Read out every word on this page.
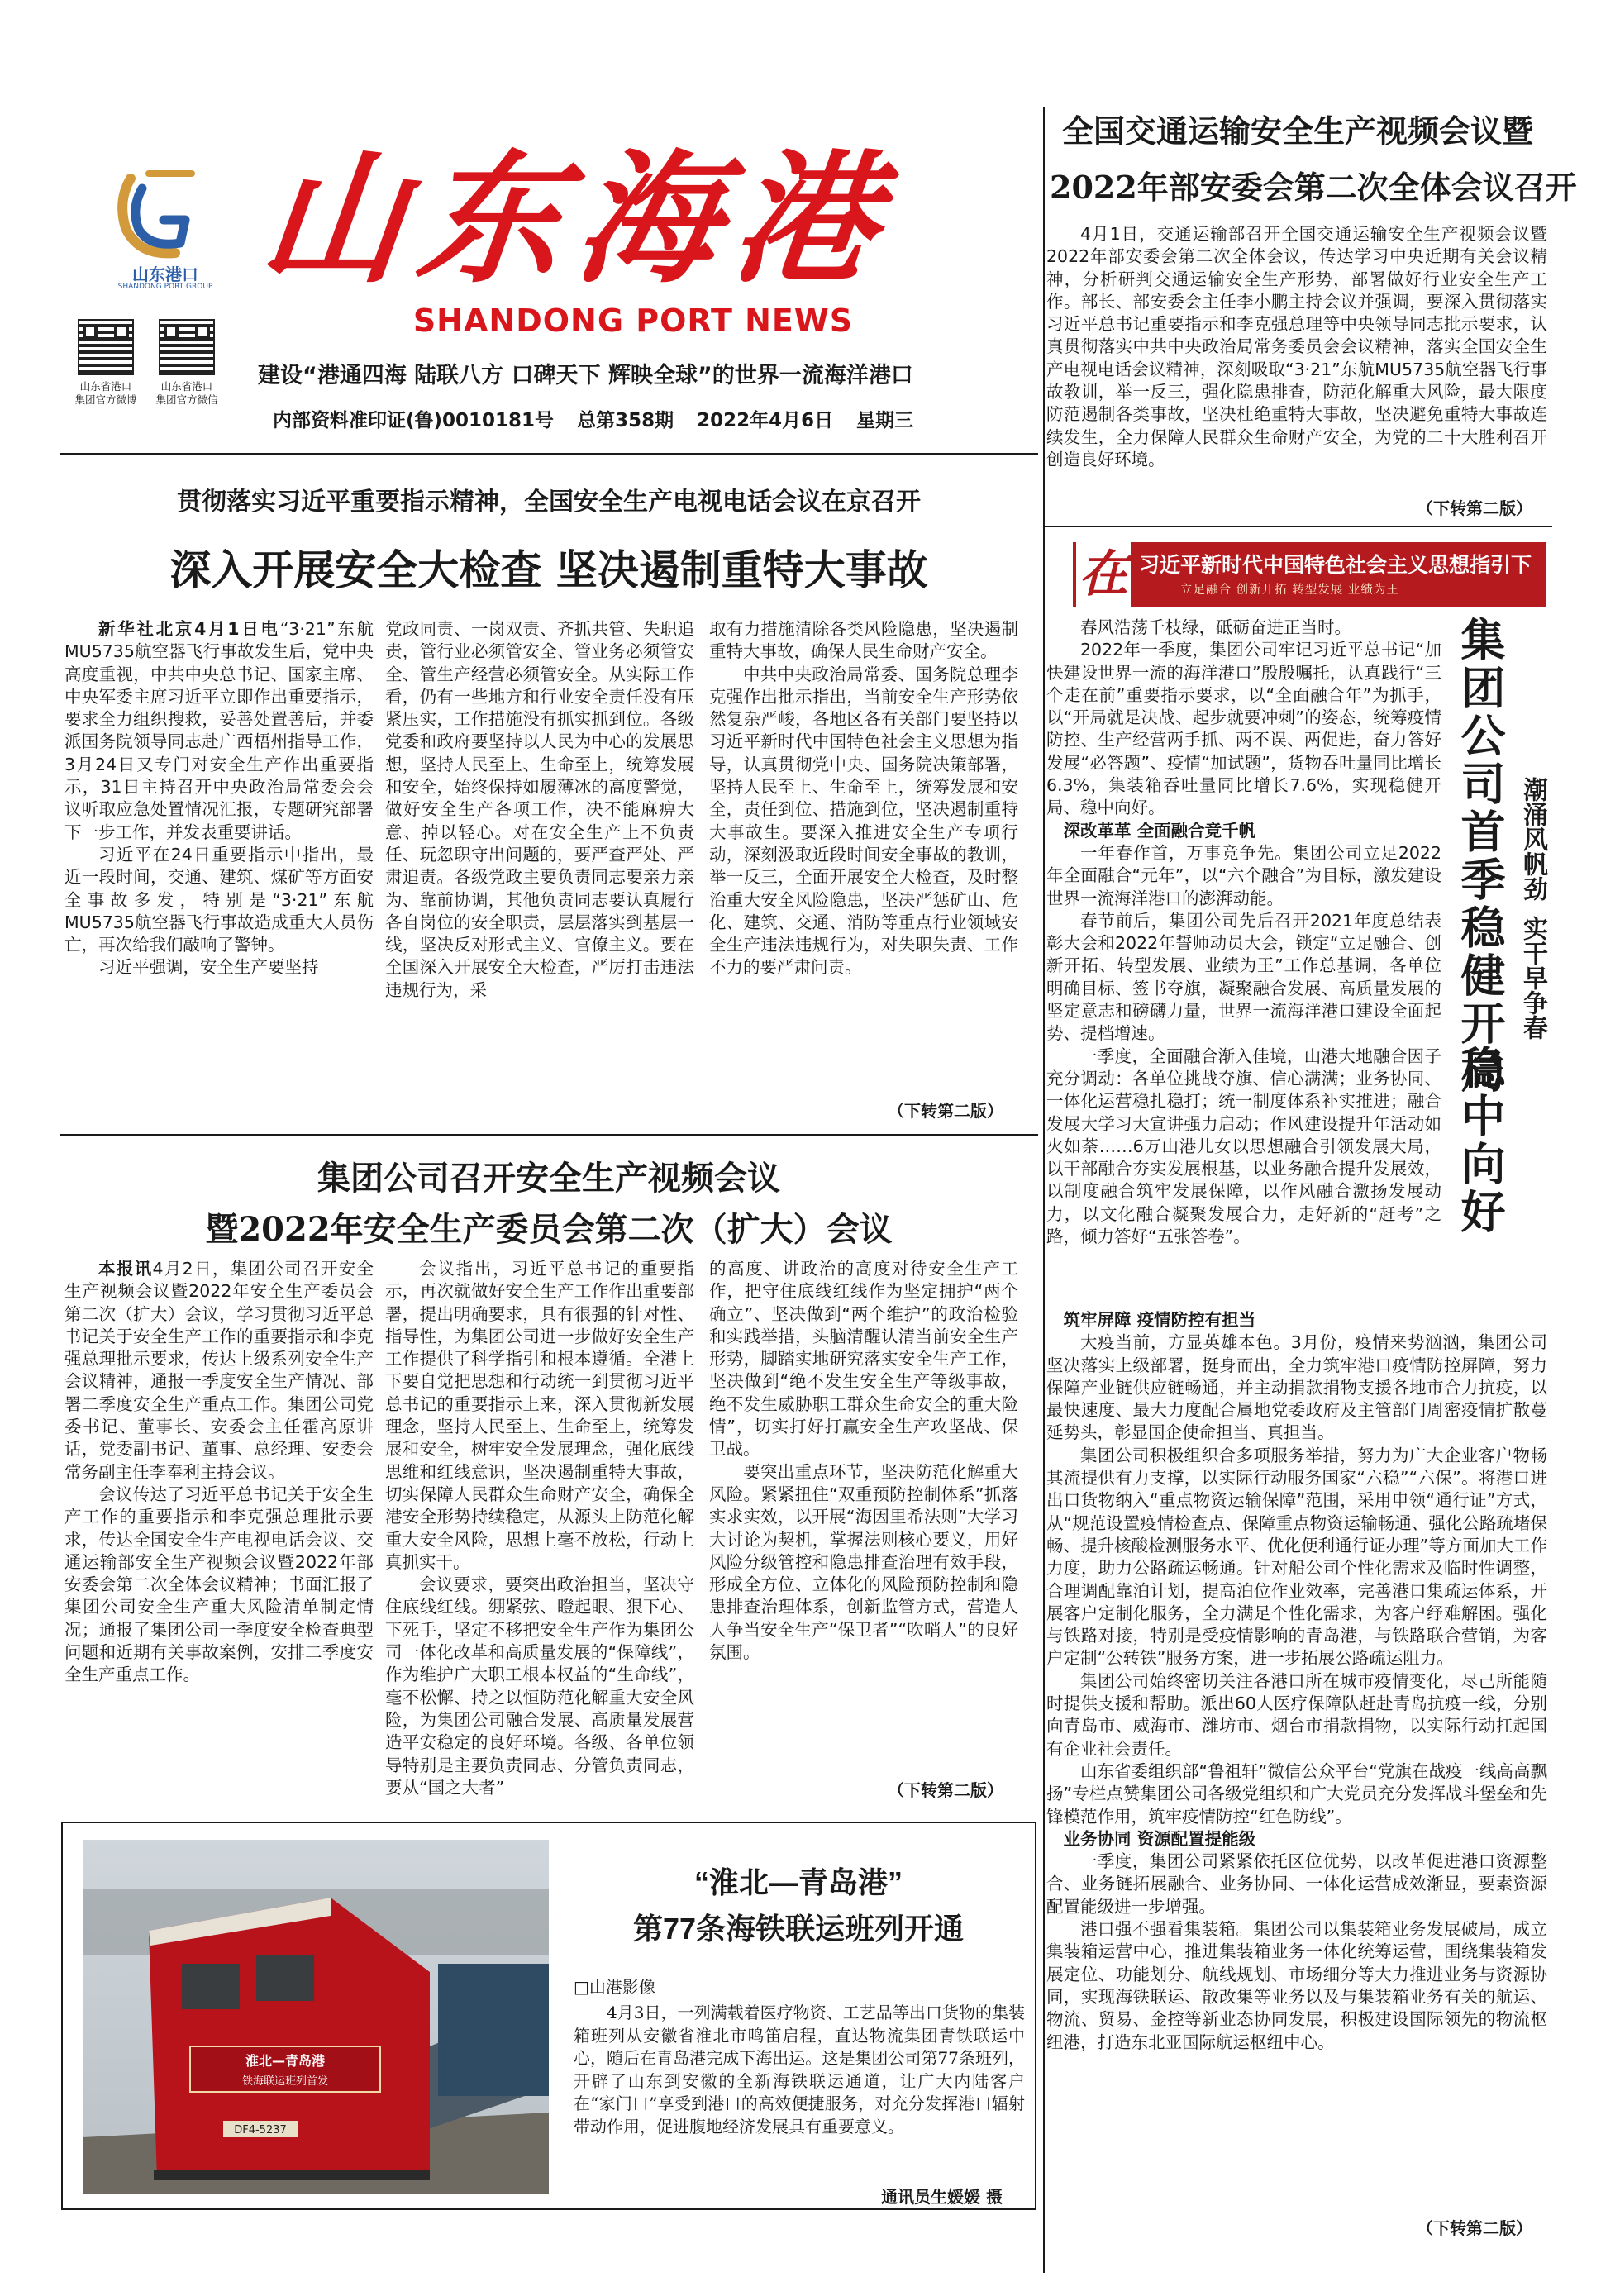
山东港口
SHANDONG PORT GROUP 山东海港
SHANDONG PORT NEWS
山东省港口
集团官方微博
山东省港口
集团官方微信
建设“港通四海 陆联八方 口碑天下 辉映全球”的世界一流海洋港口
内部资料准印证(鲁)0010181号 总第358期 2022年4月6日 星期三
全国交通运输安全生产视频会议暨
2022年部安委会第二次全体会议召开

4月1日，交通运输部召开全国交通运输安全生产视频会议暨2022年部安委会第二次全体会议，传达学习中央近期有关会议精神，分析研判交通运输安全生产形势，部署做好行业安全生产工作。部长、部安委会主任李小鹏主持会议并强调，要深入贯彻落实习近平总书记重要指示和李克强总理等中央领导同志批示要求，认真贯彻落实中共中央政治局常务委员会会议精神，落实全国安全生产电视电话会议精神，深刻吸取“3·21”东航MU5735航空器飞行事故教训，举一反三，强化隐患排查，防范化解重大风险，最大限度防范遏制各类事故，坚决杜绝重特大事故，坚决避免重特大事故连续发生，全力保障人民群众生命财产安全，为党的二十大胜利召开创造良好环境。

（下转第二版）
在 习近平新时代中国特色社会主义思想指引下
立足融合 创新开拓 转型发展 业绩为王

春风浩荡千枝绿，砥砺奋进正当时。

2022年一季度，集团公司牢记习近平总书记“加快建设世界一流的海洋港口”殷殷嘱托，认真践行“三个走在前”重要指示要求，以“全面融合年”为抓手，以“开局就是决战、起步就要冲刺”的姿态，统筹疫情防控、生产经营两手抓、两不误、两促进，奋力答好发展“必答题”、疫情“加试题”，货物吞吐量同比增长6.3%，集装箱吞吐量同比增长7.6%，实现稳健开局、稳中向好。

深改革革 全面融合竞千帆

一年春作首，万事竞争先。集团公司立足2022年全面融合“元年”，以“六个融合”为目标，激发建设世界一流海洋港口的澎湃动能。

春节前后，集团公司先后召开2021年度总结表彰大会和2022年誓师动员大会，锁定“立足融合、创新开拓、转型发展、业绩为王”工作总基调，各单位明确目标、签书夺旗，凝聚融合发展、高质量发展的坚定意志和磅礴力量，世界一流海洋港口建设全面起势、提档增速。

一季度，全面融合渐入佳境，山港大地融合因子充分调动：各单位挑战夺旗、信心满满；业务协同、一体化运营稳扎稳打；统一制度体系补实推进；融合发展大学习大宣讲强力启动；作风建设提升年活动如火如荼……6万山港儿女以思想融合引领发展大局，以干部融合夯实发展根基，以业务融合提升发展效，以制度融合筑牢发展保障，以作风融合激扬发展动力，以文化融合凝聚发展合力，走好新的“赶考”之路，倾力答好“五张答卷”。

集团公司首季稳健开局
稳中向好
潮涌风帆劲
实干早争春

筑牢屏障 疫情防控有担当

大疫当前，方显英雄本色。3月份，疫情来势汹汹，集团公司坚决落实上级部署，挺身而出，全力筑牢港口疫情防控屏障，努力保障产业链供应链畅通，并主动捐款捐物支援各地市合力抗疫，以最快速度、最大力度配合属地党委政府及主管部门周密疫情扩散蔓延势头，彰显国企使命担当、真担当。

集团公司积极组织合多项服务举措，努力为广大企业客户物畅其流提供有力支撑，以实际行动服务国家“六稳”“六保”。将港口进出口货物纳入“重点物资运输保障”范围，采用申领“通行证”方式，从“规范设置疫情检查点、保障重点物资运输畅通、强化公路疏堵保畅、提升核酸检测服务水平、优化便利通行证办理”等方面加大工作力度，助力公路疏运畅通。针对船公司个性化需求及临时性调整，合理调配靠泊计划，提高泊位作业效率，完善港口集疏运体系，开展客户定制化服务，全力满足个性化需求，为客户纾难解困。强化与铁路对接，特别是受疫情影响的青岛港，与铁路联合营销，为客户定制“公转铁”服务方案，进一步拓展公路疏运阻力。

集团公司始终密切关注各港口所在城市疫情变化，尽己所能随时提供支援和帮助。派出60人医疗保障队赶赴青岛抗疫一线，分别向青岛市、威海市、潍坊市、烟台市捐款捐物，以实际行动扛起国有企业社会责任。

山东省委组织部“鲁祖轩”微信公众平台“党旗在战疫一线高高飘扬”专栏点赞集团公司各级党组织和广大党员充分发挥战斗堡垒和先锋模范作用，筑牢疫情防控“红色防线”。

业务协同 资源配置提能级

一季度，集团公司紧紧依托区位优势，以改革促进港口资源整合、业务链拓展融合、业务协同、一体化运营成效渐显，要素资源配置能级进一步增强。

港口强不强看集装箱。集团公司以集装箱业务发展破局，成立集装箱运营中心，推进集装箱业务一体化统筹运营，围绕集装箱发展定位、功能划分、航线规划、市场细分等大力推进业务与资源协同，实现海铁联运、散改集等业务以及与集装箱业务有关的航运、物流、贸易、金控等新业态协同发展，积极建设国际领先的物流枢纽港，打造东北亚国际航运枢纽中心。

（下转第二版）
贯彻落实习近平重要指示精神，全国安全生产电视电话会议在京召开
深入开展安全大检查 坚决遏制重特大事故

新华社北京4月1日电“3·21”东航MU5735航空器飞行事故发生后，党中央高度重视，中共中央总书记、国家主席、中央军委主席习近平立即作出重要指示，要求全力组织搜救，妥善处置善后，并委派国务院领导同志赴广西梧州指导工作，3月24日又专门对安全生产作出重要指示，31日主持召开中央政治局常委会会议听取应急处置情况汇报，专题研究部署下一步工作，并发表重要讲话。

习近平在24日重要指示中指出，最近一段时间，交通、建筑、煤矿等方面安全事故多发，特别是“3·21”东航MU5735航空器飞行事故造成重大人员伤亡，再次给我们敲响了警钟。

习近平强调，安全生产要坚持

党政同责、一岗双责、齐抓共管、失职追责，管行业必须管安全、管业务必须管安全、管生产经营必须管安全。从实际工作看，仍有一些地方和行业安全责任没有压紧压实，工作措施没有抓实抓到位。各级党委和政府要坚持以人民为中心的发展思想，坚持人民至上、生命至上，统筹发展和安全，始终保持如履薄冰的高度警觉，做好安全生产各项工作，决不能麻痹大意、掉以轻心。对在安全生产上不负责任、玩忽职守出问题的，要严查严处、严肃追责。各级党政主要负责同志要亲力亲为、靠前协调，其他负责同志要认真履行各自岗位的安全职责，层层落实到基层一线，坚决反对形式主义、官僚主义。要在全国深入开展安全大检查，严厉打击违法违规行为，采

取有力措施清除各类风险隐患，坚决遏制重特大事故，确保人民生命财产安全。

中共中央政治局常委、国务院总理李克强作出批示指出，当前安全生产形势依然复杂严峻，各地区各有关部门要坚持以习近平新时代中国特色社会主义思想为指导，认真贯彻党中央、国务院决策部署，坚持人民至上、生命至上，统筹发展和安全，责任到位、措施到位，坚决遏制重特大事故生。要深入推进安全生产专项行动，深刻汲取近段时间安全事故的教训，举一反三，全面开展安全大检查，及时整治重大安全风险隐患，坚决严惩矿山、危化、建筑、交通、消防等重点行业领域安全生产违法违规行为，对失职失责、工作不力的要严肃问责。

（下转第二版）
集团公司召开安全生产视频会议
暨2022年安全生产委员会第二次（扩大）会议

本报讯4月2日，集团公司召开安全生产视频会议暨2022年安全生产委员会第二次（扩大）会议，学习贯彻习近平总书记关于安全生产工作的重要指示和李克强总理批示要求，传达上级系列安全生产会议精神，通报一季度安全生产情况、部署二季度安全生产重点工作。集团公司党委书记、董事长、安委会主任霍高原讲话，党委副书记、董事、总经理、安委会常务副主任李奉利主持会议。

会议传达了习近平总书记关于安全生产工作的重要指示和李克强总理批示要求，传达全国安全生产电视电话会议、交通运输部安全生产视频会议暨2022年部安委会第二次全体会议精神；书面汇报了集团公司安全生产重大风险清单制定情况；通报了集团公司一季度安全检查典型问题和近期有关事故案例，安排二季度安全生产重点工作。

会议指出，习近平总书记的重要指示，再次就做好安全生产工作作出重要部署，提出明确要求，具有很强的针对性、指导性，为集团公司进一步做好安全生产工作提供了科学指引和根本遵循。全港上下要自觉把思想和行动统一到贯彻习近平总书记的重要指示上来，深入贯彻新发展理念，坚持人民至上、生命至上，统筹发展和安全，树牢安全发展理念，强化底线思维和红线意识，坚决遏制重特大事故，切实保障人民群众生命财产安全，确保全港安全形势持续稳定，从源头上防范化解重大安全风险，思想上毫不放松，行动上真抓实干。

会议要求，要突出政治担当，坚决守住底线红线。绷紧弦、瞪起眼、狠下心、下死手，坚定不移把安全生产作为集团公司一体化改革和高质量发展的“保障线”，作为维护广大职工根本权益的“生命线”，毫不松懈、持之以恒防范化解重大安全风险，为集团公司融合发展、高质量发展营造平安稳定的良好环境。各级、各单位领导特别是主要负责同志、分管负责同志，要从“国之大者”

的高度、讲政治的高度对待安全生产工作，把守住底线红线作为坚定拥护“两个确立”、坚决做到“两个维护”的政治检验和实践举措，头脑清醒认清当前安全生产形势，脚踏实地研究落实安全生产工作，坚决做到“绝不发生安全生产等级事故，绝不发生威胁职工群众生命安全的重大险情”，切实打好打赢安全生产攻坚战、保卫战。

要突出重点环节，坚决防范化解重大风险。紧紧扭住“双重预防控制体系”抓落实求实效，以开展“海因里希法则”大学习大讨论为契机，掌握法则核心要义，用好风险分级管控和隐患排查治理有效手段，形成全方位、立体化的风险预防控制和隐患排查治理体系，创新监管方式，营造人人争当安全生产“保卫者”“吹哨人”的良好氛围。

（下转第二版）
淮北—青岛港
铁海联运班列首发
DF4-5237
“淮北—青岛港”
第77条海铁联运班列开通
□山港影像

4月3日，一列满载着医疗物资、工艺品等出口货物的集装箱班列从安徽省淮北市鸣笛启程，直达物流集团青铁联运中心，随后在青岛港完成下海出运。这是集团公司第77条班列，开辟了山东到安徽的全新海铁联运通道，让广大内陆客户在“家门口”享受到港口的高效便捷服务，对充分发挥港口辐射带动作用，促进腹地经济发展具有重要意义。

通讯员生媛媛 摄
